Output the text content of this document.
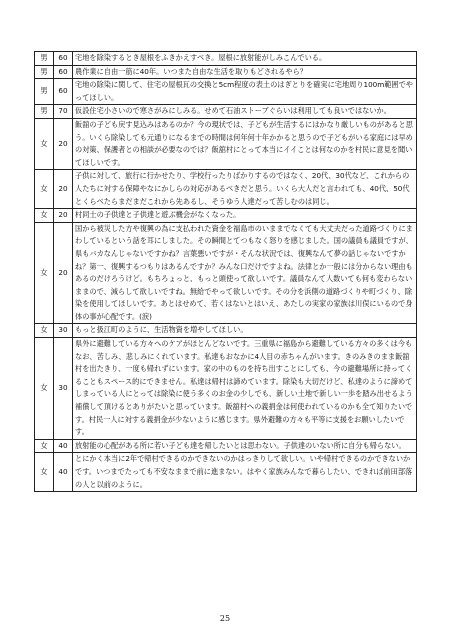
男	60	宅地を除染するとき屋根をふきかえすべき。屋根に放射能がしみこんでいる。
男	60	農作業に自由一筋に40年。いつまた自由な生活を取りもどされるやら？
男	60	宅地の除染に関して、住宅の屋根瓦の交換と5cm程度の表土のはぎとりを確実に宅地周り100m範囲でやってほしい。
男	70	仮設住宅小さいので寒さがみにしみる。せめて石油ストーブぐらいは利用しても良いではないか。
女	20	飯舘の子ども戻す見込みはあるのか？今の現状では、子どもが生活するにはかなり厳しいものがあると思う。いくら除染しても元通りになるまでの時間は何年何十年かかると思うので子どもがいる家庭には早めの対策、保護者との相談が必要なのでは？飯舘村にとって本当にイイことは何なのかを村民に意見を聞いてほしいです。
女	20	子供に対して、旅行に行かせたり、学校行ったりばかりするのではなく、20代、30代など、これからの人たちに対する保障やなにかしらの対応があるべきだと思う。いくら大人だと言われても、40代、50代とくらべたらまだまだこれから先あるし、そうゆう人達だって苦しむのは同じ。
女	20	村同士の子供達と子供達と遊ぶ機会がなくなった。
女	20	国から被災した方や復興の為に支払われた資金を福島市のいままでなくても大丈夫だった道路づくりにまわしているという話を耳にしました。その瞬間とてつもなく怒りを感じました。国の議員も議員ですが、県もバカなんじゃないですかね？言葉悪いですが・そんな状況では、復興なんて夢の話じゃないですかね？第一、復興するつもりはあるんですか？みんな口だけですよね。法律とか一般には分からない理由もあるのだけろうけど。もちろょっと、もっと頭使って欲しいです。議員なんて人数いても何も変わらないままので、減らして欲しいですね。無給でやって欲しいです。その分を浜側の道路づくりや町づくり、除染を使用してほしいです。あとはせめて、若くはないとはいえ、あたしの実家の家族は川俣にいるので身体の事が心配です。(涙)
女	30	もっと扱江町のように、生活物資を増やしてほしい。
女	30	県外に避難している方々へのケアがほとんどないです。三重県に福島から避難している方々の多くは今もなお、苦しみ、悲しみにくれています。私達もおなかに4人目の赤ちゃんがいます。きのみきのまま飯舘村を出たきり、一度も帰れずにいます。家の中のものを持ち出すことにしても、今の避難場所に持ってくることもスペース的にできません。私達は帰村は諦めています。除染も大切だけど、私達のように諦めてしまっている人にとっては除染に使う多くのお金の少しでも、新しい土地で新しい一歩を踏み出せるよう補償して頂けるとありがたいと思っています。飯舘村への義捐金は何使われているのかも全て知りたいです。村民一人に対する義捐金が少ないように感じます。県外避難の方々も平等に支援をお願いしたいです。
女	40	放射能の心配がある所に若い子ども達を帰したいとは思わない。子供達のいない所に自分も帰らない。
女	40	とにかく本当に2年で帰村できるのかできないのかはっきりして欲しい。いや帰村できるのかできないかです。いつまでたっても不安なままで前に進まない。はやく家族みんなで暮らしたい、できれば前田部落の人と以前のように。
25
